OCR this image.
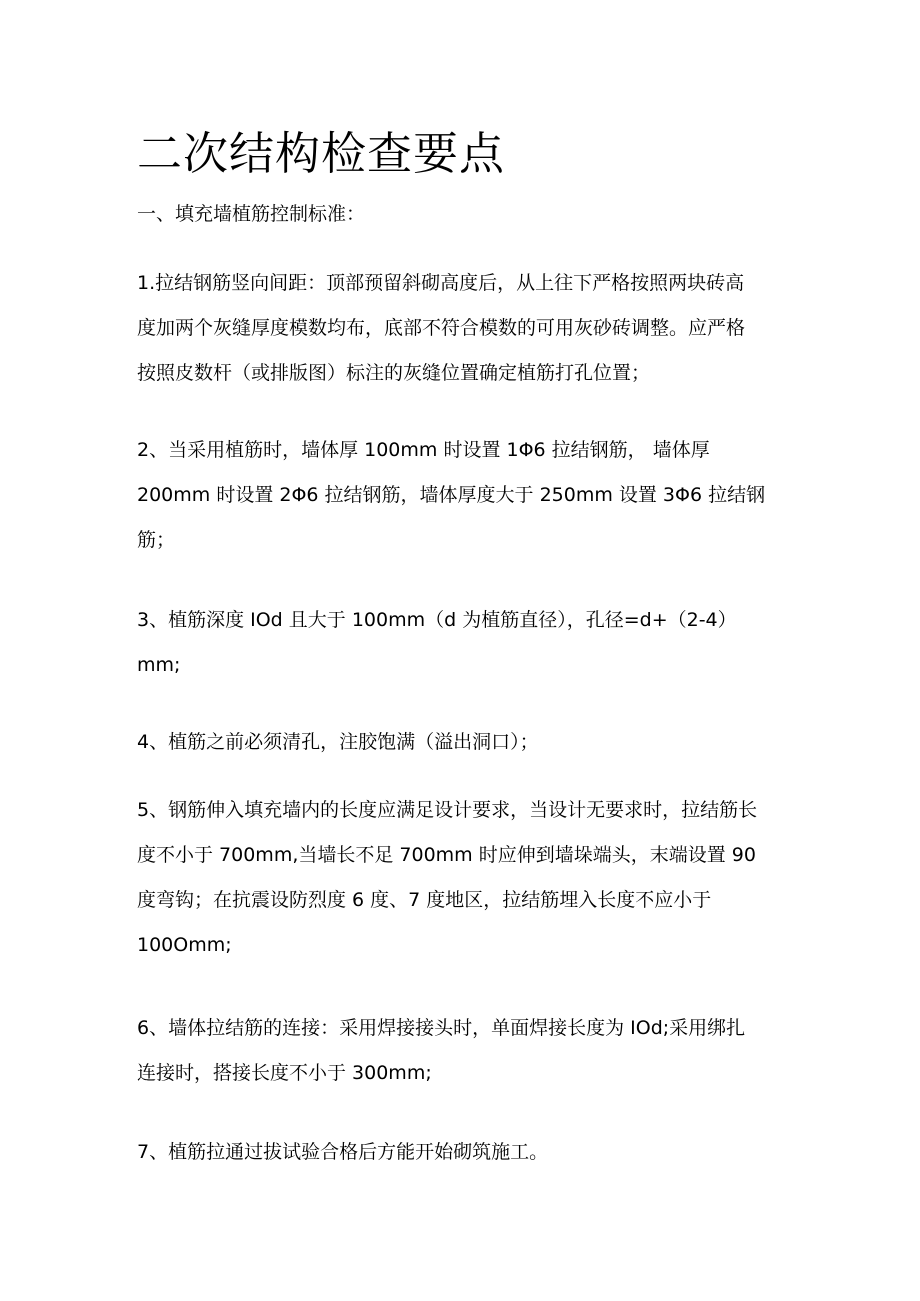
二次结构检查要点

一、填充墙植筋控制标准：

1.拉结钢筋竖向间距：顶部预留斜砌高度后，从上往下严格按照两块砖高
度加两个灰缝厚度模数均布，底部不符合模数的可用灰砂砖调整。应严格
按照皮数杆（或排版图）标注的灰缝位置确定植筋打孔位置；

2、当采用植筋时，墙体厚 100mm 时设置 1Φ6 拉结钢筋， 墙体厚
200mm 时设置 2Φ6 拉结钢筋，墙体厚度大于 250mm 设置 3Φ6 拉结钢
筋；

3、植筋深度 IOd 且大于 100mm（d 为植筋直径），孔径=d+（2-4）
mm;

4、植筋之前必须清孔，注胶饱满（溢出洞口）；

5、钢筋伸入填充墙内的长度应满足设计要求，当设计无要求时，拉结筋长
度不小于 700mm,当墙长不足 700mm 时应伸到墙垛端头，末端设置 90
度弯钩；在抗震设防烈度 6 度、7 度地区，拉结筋埋入长度不应小于
100Omm;

6、墙体拉结筋的连接：采用焊接接头时，单面焊接长度为 IOd;采用绑扎
连接时，搭接长度不小于 300mm;

7、植筋拉通过拔试验合格后方能开始砌筑施工。
